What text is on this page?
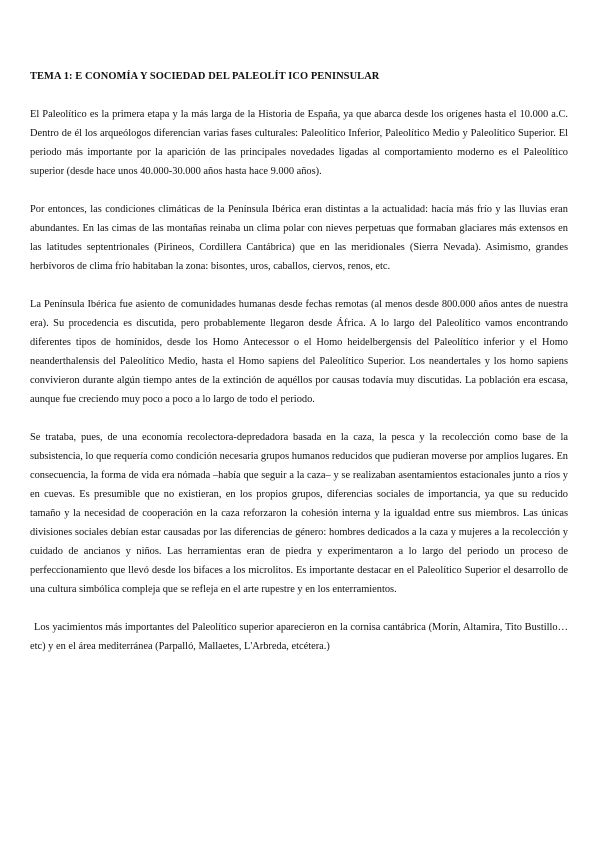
TEMA 1: E CONOMÍA Y SOCIEDAD DEL PALEOLÍT ICO PENINSULAR

El Paleolítico es la primera etapa y la más larga de la Historia de España, ya que abarca desde los orígenes hasta el 10.000 a.C. Dentro de él los arqueólogos diferencian varias fases culturales: Paleolítico Inferior, Paleolítico Medio y Paleolítico Superior. El periodo más importante por la aparición de las principales novedades ligadas al comportamiento moderno es el Paleolítico superior (desde hace unos 40.000-30.000 años hasta hace 9.000 años).

Por entonces, las condiciones climáticas de la Península Ibérica eran distintas a la actualidad: hacía más frío y las lluvias eran abundantes. En las cimas de las montañas reinaba un clima polar con nieves perpetuas que formaban glaciares más extensos en las latitudes septentrionales (Pirineos, Cordillera Cantábrica) que en las meridionales (Sierra Nevada). Asimismo, grandes herbívoros de clima frío habitaban la zona: bisontes, uros, caballos, ciervos, renos, etc.

La Península Ibérica fue asiento de comunidades humanas desde fechas remotas (al menos desde 800.000 años antes de nuestra era). Su procedencia es discutida, pero probablemente llegaron desde África. A lo largo del Paleolítico vamos encontrando diferentes tipos de homínidos, desde los Homo Antecessor o el Homo heidelbergensis del Paleolítico inferior y el Homo neanderthalensis del Paleolítico Medio, hasta el Homo sapiens del Paleolítico Superior. Los neandertales y los homo sapiens convivieron durante algún tiempo antes de la extinción de aquéllos por causas todavía muy discutidas. La población era escasa, aunque fue creciendo muy poco a poco a lo largo de todo el periodo.

Se trataba, pues, de una economía recolectora-depredadora basada en la caza, la pesca y la recolección como base de la subsistencia, lo que requería como condición necesaria grupos humanos reducidos que pudieran moverse por amplios lugares. En consecuencia, la forma de vida era nómada –había que seguir a la caza– y se realizaban asentamientos estacionales junto a ríos y en cuevas. Es presumible que no existieran, en los propios grupos, diferencias sociales de importancia, ya que su reducido tamaño y la necesidad de cooperación en la caza reforzaron la cohesión interna y la igualdad entre sus miembros. Las únicas divisiones sociales debían estar causadas por las diferencias de género: hombres dedicados a la caza y mujeres a la recolección y cuidado de ancianos y niños. Las herramientas eran de piedra y experimentaron a lo largo del periodo un proceso de perfeccionamiento que llevó desde los bifaces a los microlitos. Es importante destacar en el Paleolítico Superior el desarrollo de una cultura simbólica compleja que se refleja en el arte rupestre y en los enterramientos.

Los yacimientos más importantes del Paleolítico superior aparecieron en la cornisa cantábrica (Morín, Altamira, Tito Bustillo…etc) y en el área mediterránea (Parpalló, Mallaetes, L'Arbreda, etcétera.)
